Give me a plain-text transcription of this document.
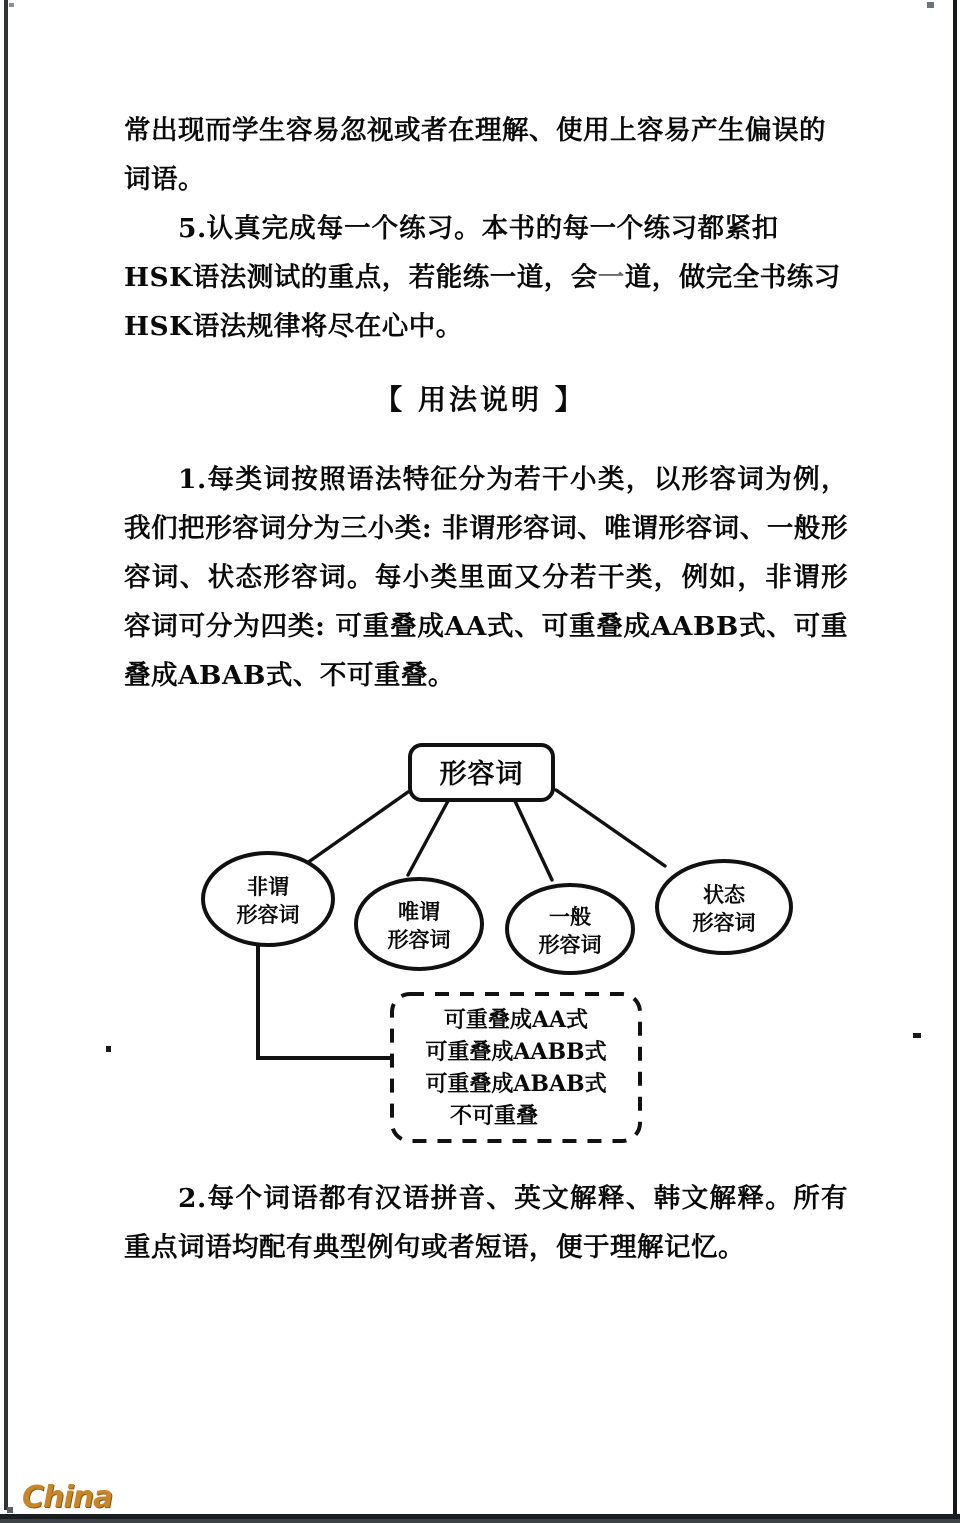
常出现而学生容易忽视或者在理解、使用上容易产生偏误的
词语。
5.认真完成每一个练习。本书的每一个练习都紧扣
HSK语法测试的重点，若能练一道，会一道，做完全书练习
HSK语法规律将尽在心中。
【 用法说明 】
1.每类词按照语法特征分为若干小类，以形容词为例，我们把形容词分为三小类: 非谓形容词、唯谓形容词、一般形容词、状态形容词。每小类里面又分若干类，例如，非谓形容词可分为四类: 可重叠成AA式、可重叠成AABB式、可重叠成ABAB式、不可重叠。
形容词
非谓
形容词	唯谓
形容词
一般
形容词
状态
形容词
可重叠成AA式
可重叠成AABB式
可重叠成ABAB式
不可重叠
2.每个词语都有汉语拼音、英文解释、韩文解释。所有重点词语均配有典型例句或者短语，便于理解记忆。
China
